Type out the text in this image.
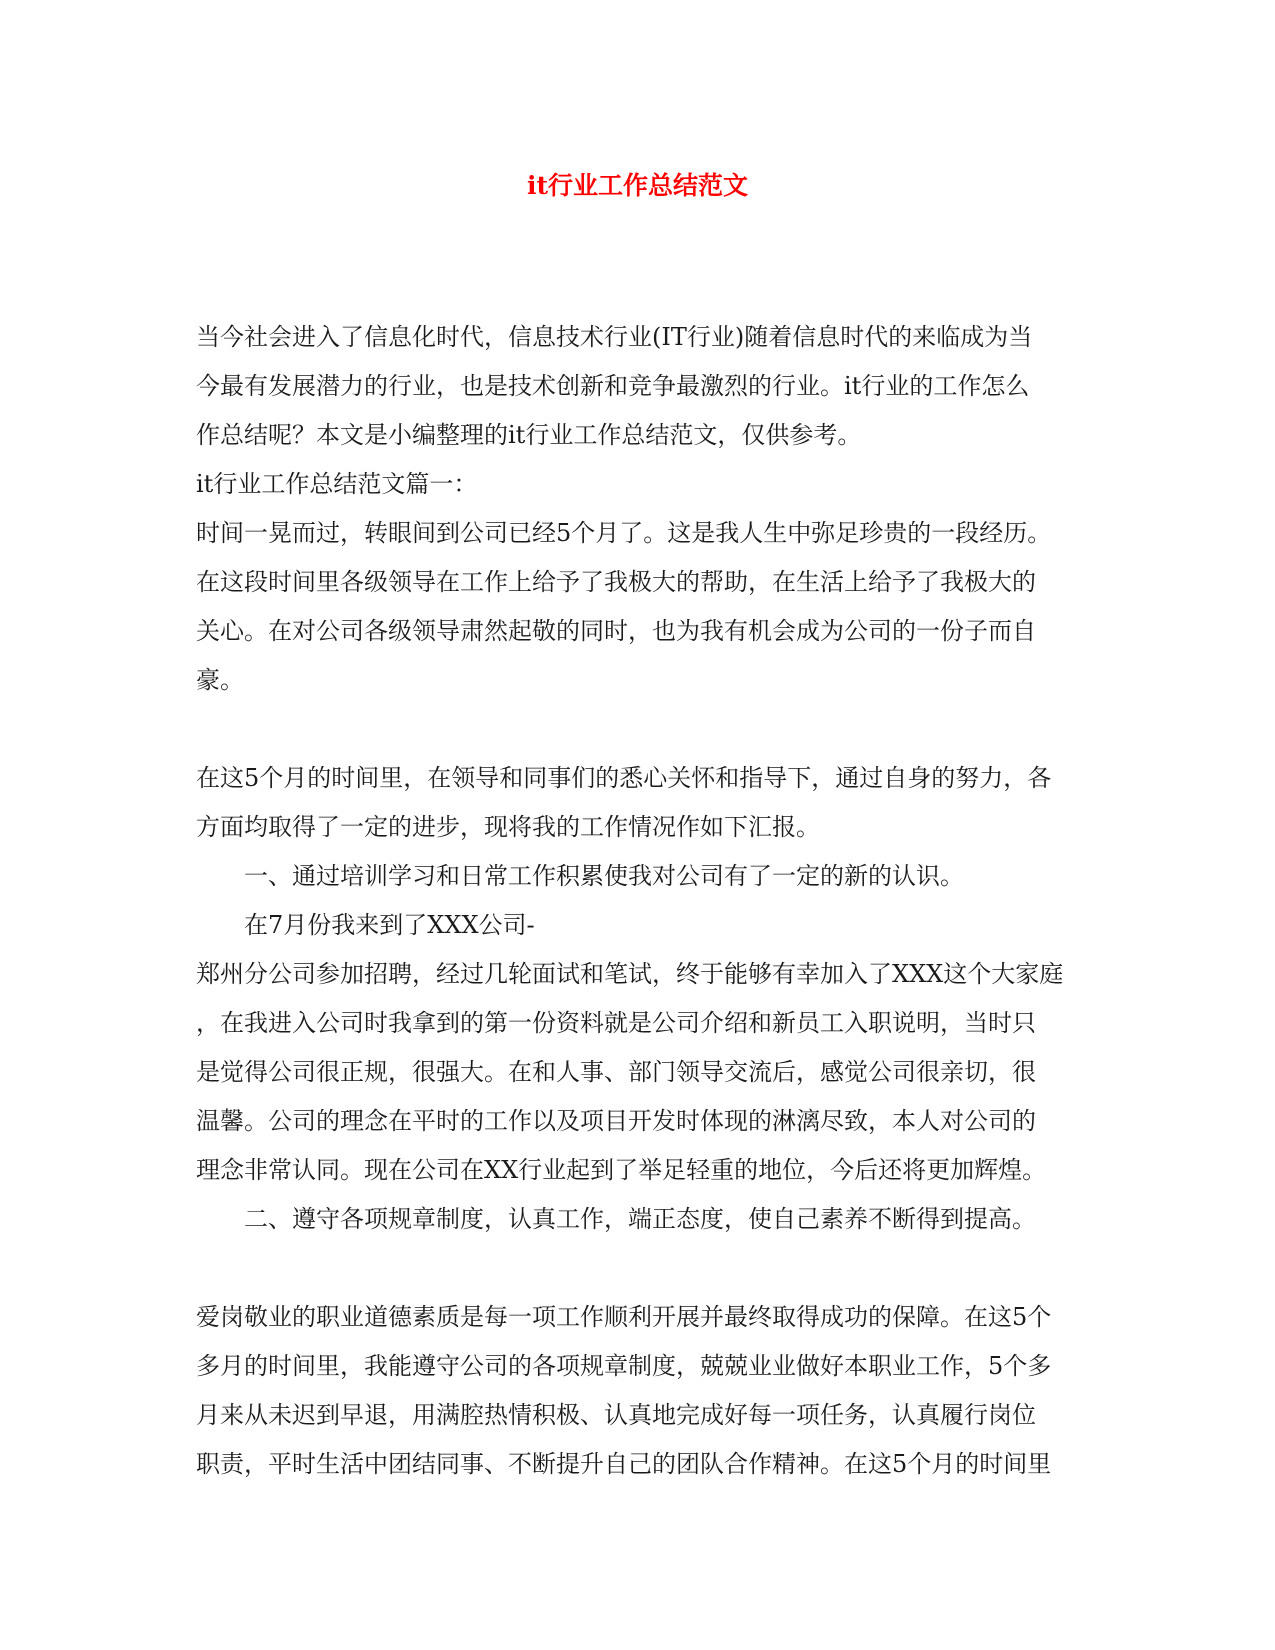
it行业工作总结范文
当今社会进入了信息化时代，信息技术行业(IT行业)随着信息时代的来临成为当
今最有发展潜力的行业，也是技术创新和竞争最激烈的行业。it行业的工作怎么
作总结呢？本文是小编整理的it行业工作总结范文，仅供参考。
it行业工作总结范文篇一：
时间一晃而过，转眼间到公司已经5个月了。这是我人生中弥足珍贵的一段经历。
在这段时间里各级领导在工作上给予了我极大的帮助，在生活上给予了我极大的
关心。在对公司各级领导肃然起敬的同时，也为我有机会成为公司的一份子而自
豪。
在这5个月的时间里，在领导和同事们的悉心关怀和指导下，通过自身的努力，各
方面均取得了一定的进步，现将我的工作情况作如下汇报。
一、通过培训学习和日常工作积累使我对公司有了一定的新的认识。
在7月份我来到了XXX公司-
郑州分公司参加招聘，经过几轮面试和笔试，终于能够有幸加入了XXX这个大家庭
，在我进入公司时我拿到的第一份资料就是公司介绍和新员工入职说明，当时只
是觉得公司很正规，很强大。在和人事、部门领导交流后，感觉公司很亲切，很
温馨。公司的理念在平时的工作以及项目开发时体现的淋漓尽致，本人对公司的
理念非常认同。现在公司在XX行业起到了举足轻重的地位，今后还将更加辉煌。
二、遵守各项规章制度，认真工作，端正态度，使自己素养不断得到提高。
爱岗敬业的职业道德素质是每一项工作顺利开展并最终取得成功的保障。在这5个
多月的时间里，我能遵守公司的各项规章制度，兢兢业业做好本职业工作，5个多
月来从未迟到早退，用满腔热情积极、认真地完成好每一项任务，认真履行岗位
职责，平时生活中团结同事、不断提升自己的团队合作精神。在这5个月的时间里
